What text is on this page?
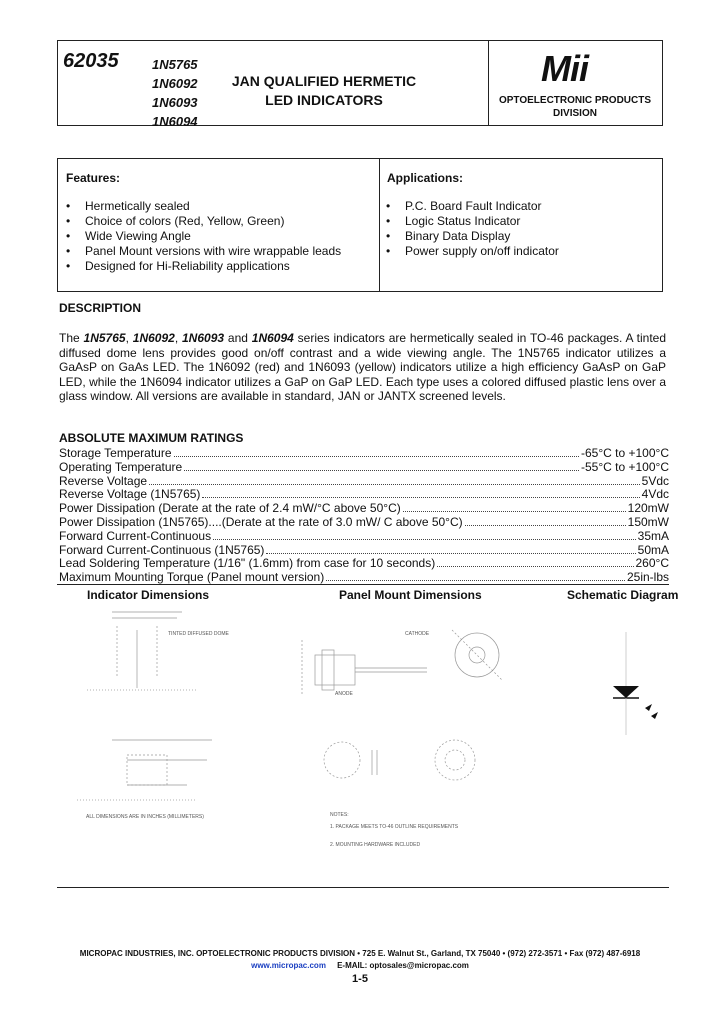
62035	1N5765
1N6092
1N6093
1N6094
JAN QUALIFIED HERMETIC
LED INDICATORS
Mii
OPTOELECTRONIC PRODUCTS
DIVISION
Features:
• Hermetically sealed
• Choice of colors (Red, Yellow, Green)
• Wide Viewing Angle
• Panel Mount versions with wire wrappable leads
• Designed for Hi-Reliability applications
Applications:
• P.C. Board Fault Indicator
• Logic Status Indicator
• Binary Data Display
• Power supply on/off indicator
DESCRIPTION
The 1N5765, 1N6092, 1N6093 and 1N6094 series indicators are hermetically sealed in TO-46 packages. A tinted diffused dome lens provides good on/off contrast and a wide viewing angle. The 1N5765 indicator utilizes a GaAsP on GaAs LED. The 1N6092 (red) and 1N6093 (yellow) indicators utilize a high efficiency GaAsP on GaP LED, while the 1N6094 indicator utilizes a GaP on GaP LED. Each type uses a colored diffused plastic lens over a glass window. All versions are available in standard, JAN or JANTX screened levels.
ABSOLUTE MAXIMUM RATINGS
Storage Temperature	-65°C to +100°C
Operating Temperature	-55°C to +100°C
Reverse Voltage	5Vdc
Reverse Voltage (1N5765)	4Vdc
Power Dissipation (Derate at the rate of 2.4 mW/°C above 50°C)	120mW
Power Dissipation (1N5765)....(Derate at the rate of 3.0 mW/ C above 50°C)	150mW
Forward Current-Continuous	35mA
Forward Current-Continuous (1N5765)	50mA
Lead Soldering Temperature (1/16" (1.6mm) from case for 10 seconds)	260°C
Maximum Mounting Torque (Panel mount version)	25in-lbs
Indicator Dimensions	Panel Mount Dimensions	Schematic Diagram
TINTED DIFFUSED DOME	CATHODE
ANODE
ALL DIMENSIONS ARE IN INCHES (MILLIMETERS)	NOTES:
1. PACKAGE MEETS TO-46 OUTLINE REQUIREMENTS
2. MOUNTING HARDWARE INCLUDED
MICROPAC INDUSTRIES, INC. OPTOELECTRONIC PRODUCTS DIVISION • 725 E. Walnut St., Garland, TX 75040 • (972) 272-3571 • Fax (972) 487-6918
www.micropac.com E-MAIL: optosales@micropac.com
1-5
